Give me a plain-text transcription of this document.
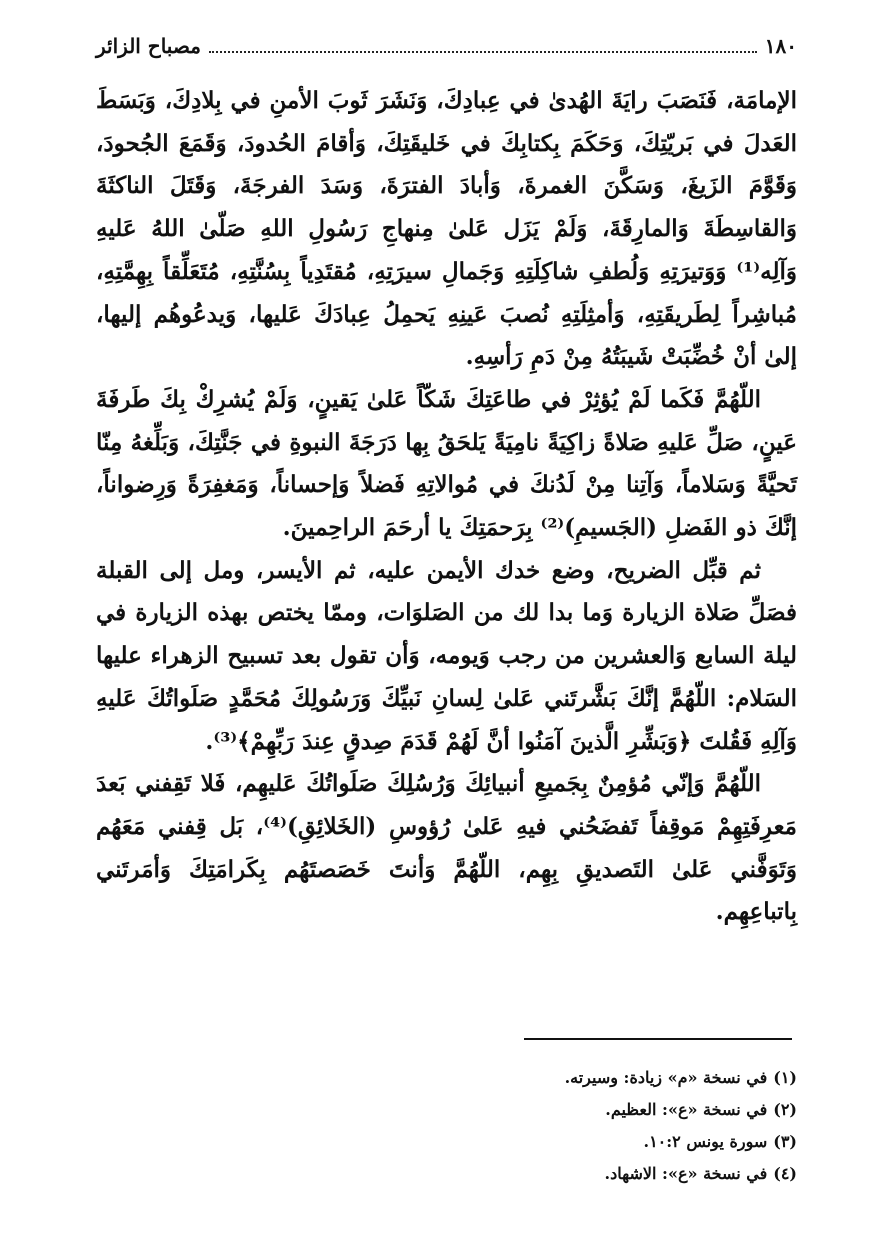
١٨٠
مصباح الزائر

الإمامَة، فَنَصَبَ رايَةَ الهُدىٰ في عِبادِكَ، وَنَشَرَ ثَوبَ الأمنِ في بِلادِكَ، وَبَسَطَ العَدلَ في بَريّتِكَ، وَحَكَمَ بِكتابِكَ في خَليقَتِكَ، وَأقامَ الحُدودَ، وَقَمَعَ الجُحودَ، وَقَوَّمَ الزَيغَ، وَسَكَّنَ الغمرةَ، وَأبادَ الفترَةَ، وَسَدَ الفرجَةَ، وَقَتَلَ الناكثَةَ وَالقاسِطَةَ وَالمارِقَةَ، وَلَمْ يَزَل عَلىٰ مِنهاجِ رَسُولِ اللهِ صَلّىٰ اللهُ عَليهِ وَآلِه⁽¹⁾ وَوَتيرَتِهِ وَلُطفِ شاكِلَتِهِ وَجَمالِ سيرَتِهِ، مُقتَدِياً بِسُنَّتِهِ، مُتَعَلِّقاً بِهِمَّتِهِ، مُباشِراً لِطَريقَتِهِ، وَأمثِلَتِهِ نُصبَ عَينِهِ يَحمِلُ عِبادَكَ عَليها، وَيدعُوهُم إليها، إلىٰ أنْ خُضِّبَتْ شَيبَتُهُ مِنْ دَمِ رَأسِهِ.

اللّهُمَّ فَكَما لَمْ يُؤثِرْ في طاعَتِكَ شَكّاً عَلىٰ يَقينٍ، وَلَمْ يُشرِكْ بِكَ طَرفَةَ عَينٍ، صَلِّ عَليهِ صَلاةً زاكِيَةً نامِيَةً يَلحَقُ بِها دَرَجَةَ النبوةِ في جَنَّتِكَ، وَبَلِّغهُ مِنّا تَحيَّةً وَسَلاماً، وَآتِنا مِنْ لَدُنكَ في مُوالاتِهِ فَضلاً وَإحساناً، وَمَغفِرَةً وَرِضواناً، إنَّكَ ذو الفَضلِ (الجَسيمِ)⁽²⁾ بِرَحمَتِكَ يا أرحَمَ الراحِمينَ.

ثم قبِّل الضريح، وضع خدك الأيمن عليه، ثم الأيسر، ومل إلى القبلة فصَلِّ صَلاة الزيارة وَما بدا لك من الصَلوَات، وممّا يختص بهذه الزيارة في ليلة السابع وَالعشرين من رجب وَيومه، وَأن تقول بعد تسبيح الزهراء عليها السَلام: اللّهُمَّ إنَّكَ بَشَّرتَني عَلىٰ لِسانِ نَبيِّكَ وَرَسُولِكَ مُحَمَّدٍ صَلَواتُكَ عَليهِ وَآلِهِ فَقُلتَ ﴿وَبَشِّرِ الَّذينَ آمَنُوا أنَّ لَهُمْ قَدَمَ صِدقٍ عِندَ رَبِّهِمْ﴾⁽³⁾.

اللّهُمَّ وَإنّي مُؤمِنٌ بِجَميعِ أنبيائِكَ وَرُسُلِكَ صَلَواتُكَ عَليهِم، فَلا تَقِفني بَعدَ مَعرِفَتِهِمْ مَوقِفاً تَفضَحُني فيهِ عَلىٰ رُؤوسِ (الخَلائِقِ)⁽⁴⁾، بَل قِفني مَعَهُم وَتَوَفَّني عَلىٰ التَصديقِ بِهِم، اللّهُمَّ وَأنتَ خَصَصتَهُم بِكَرامَتِكَ وَأمَرتَني بِاتباعِهِم.

(١)
في نسخة «م» زيادة: وسيرته.
(٢)
في نسخة «ع»: العظيم.
(٣)
سورة يونس ١٠:٢.
(٤)
في نسخة «ع»: الاشهاد.
